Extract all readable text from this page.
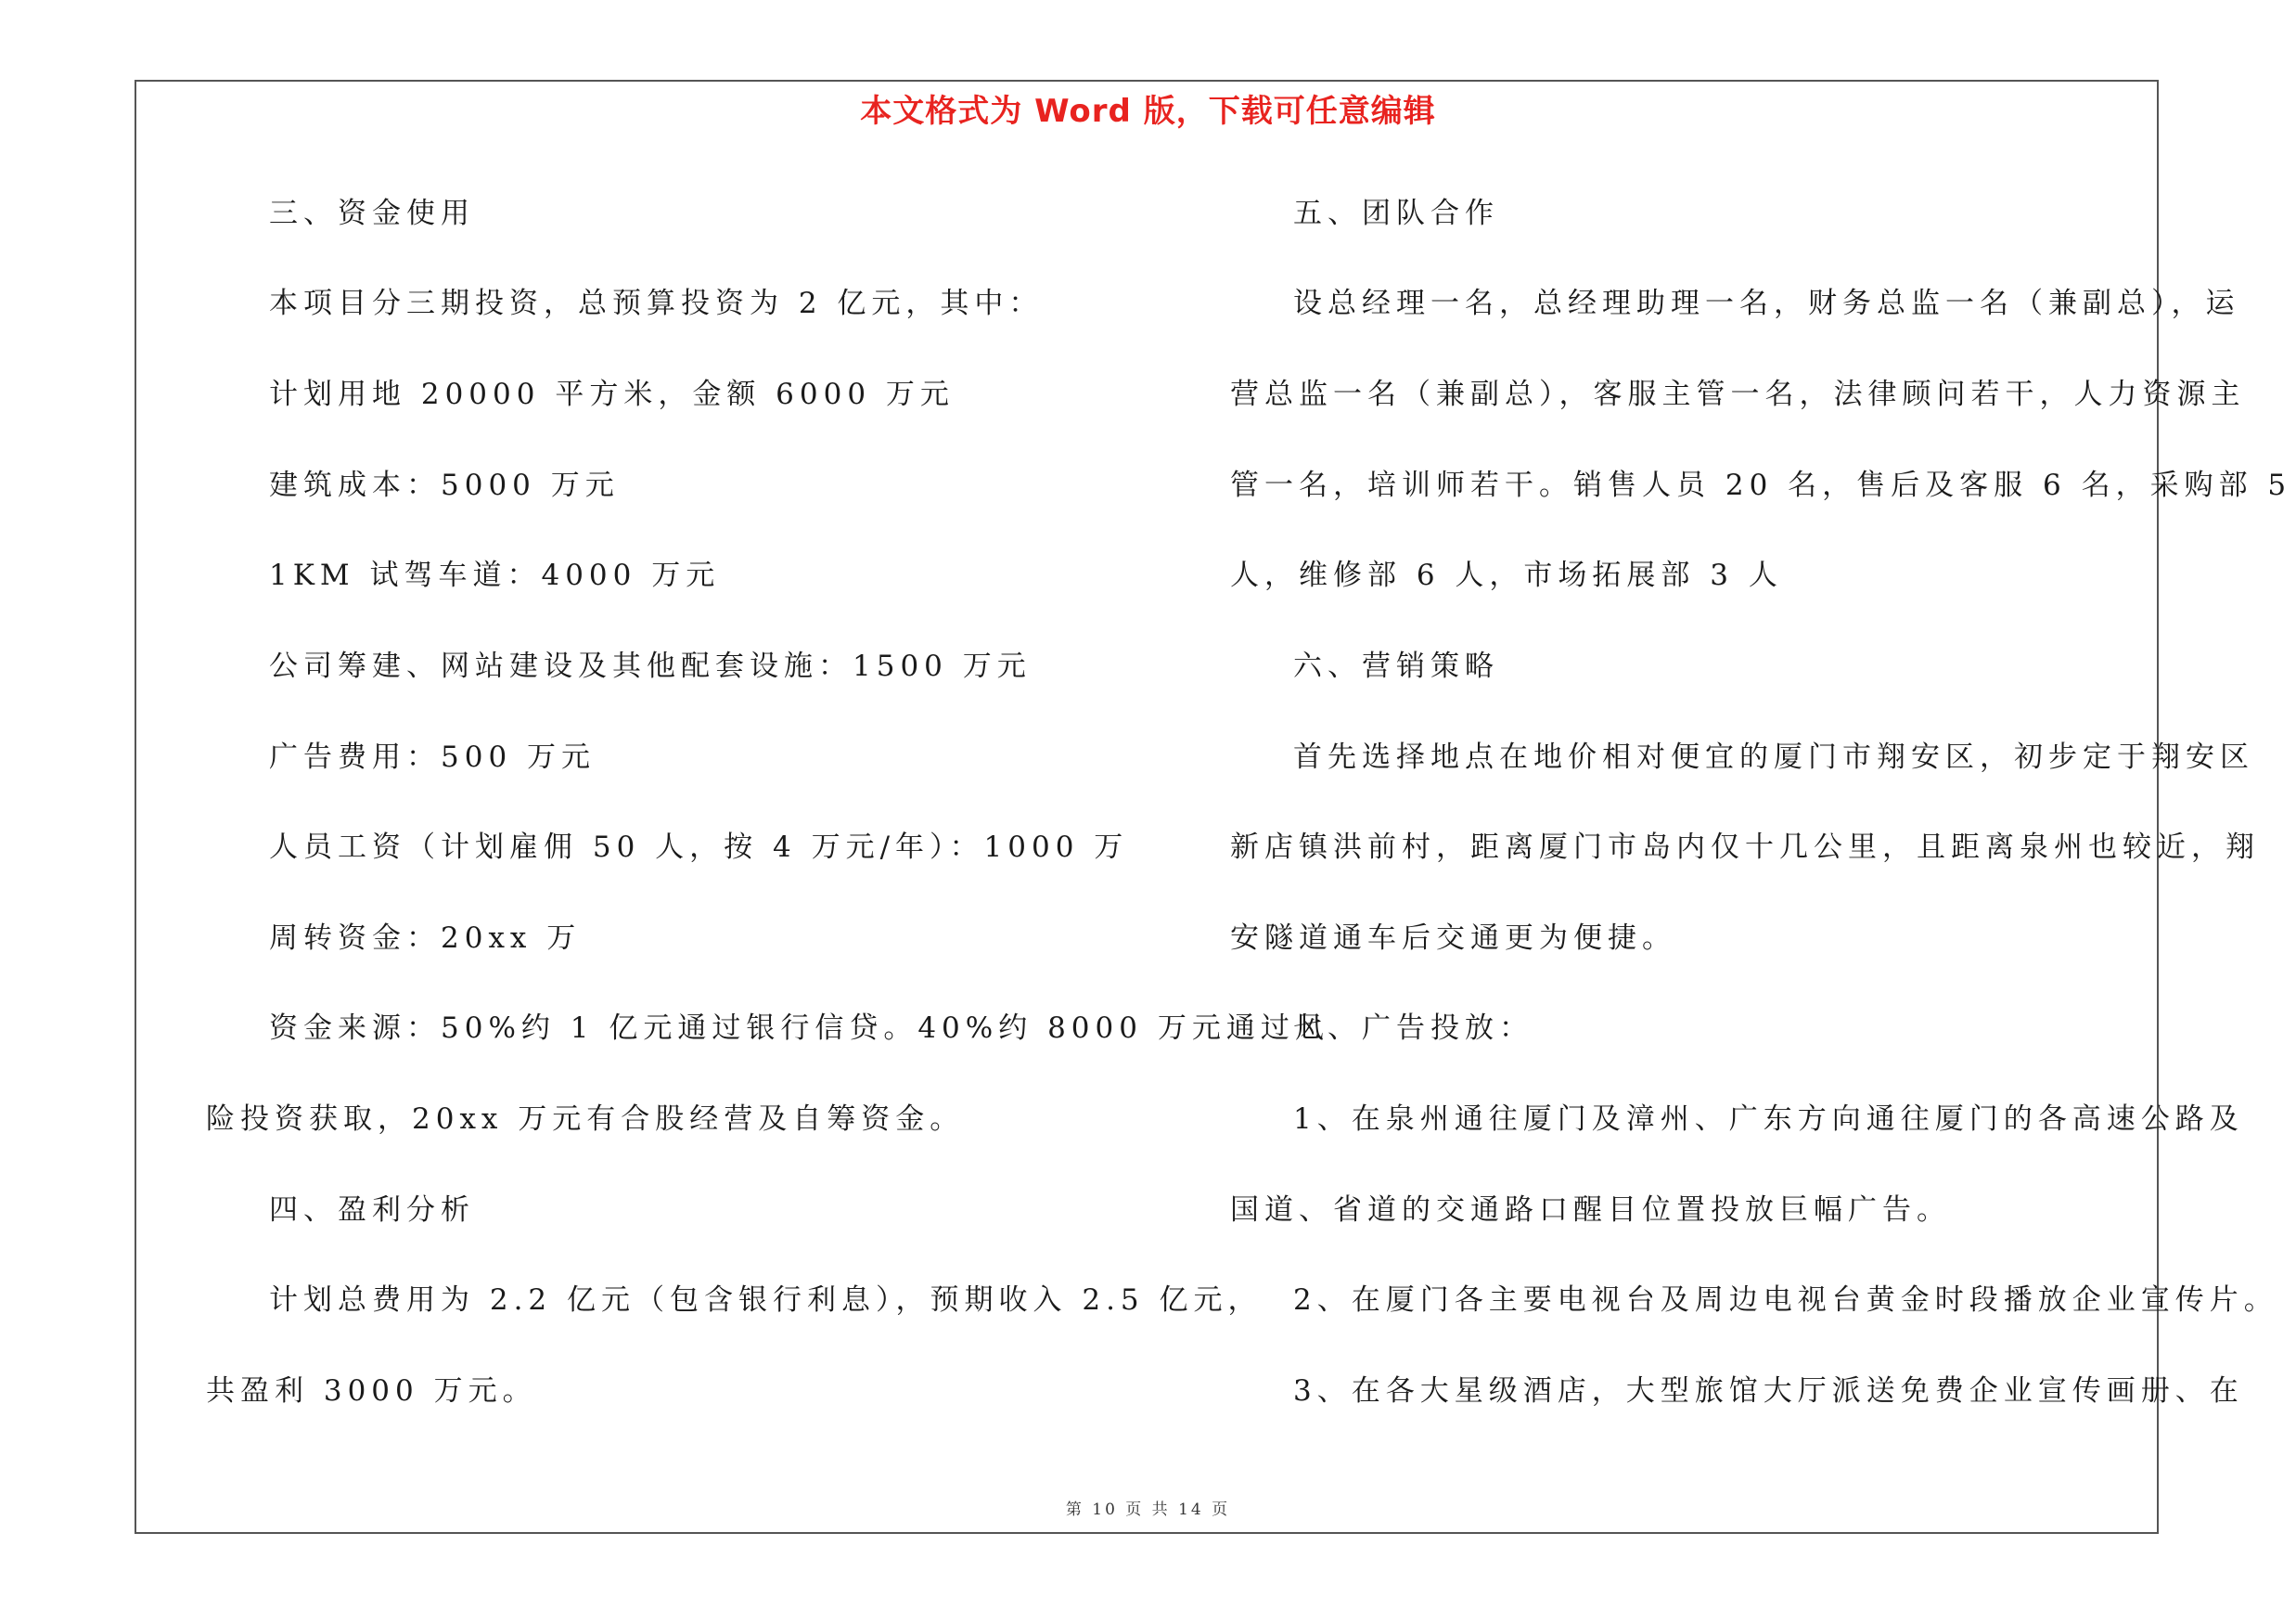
本文格式为 Word 版，下载可任意编辑
三、资金使用
本项目分三期投资，总预算投资为 2 亿元，其中：
计划用地 20000 平方米，金额 6000 万元
建筑成本：5000 万元
1KM 试驾车道：4000 万元
公司筹建、网站建设及其他配套设施：1500 万元
广告费用：500 万元
人员工资（计划雇佣 50 人，按 4 万元/年）：1000 万
周转资金：20xx 万
资金来源：50%约 1 亿元通过银行信贷。40%约 8000 万元通过风
险投资获取，20xx 万元有合股经营及自筹资金。
四、盈利分析
计划总费用为 2.2 亿元（包含银行利息），预期收入 2.5 亿元，
共盈利 3000 万元。
五、团队合作
设总经理一名，总经理助理一名，财务总监一名（兼副总），运
营总监一名（兼副总），客服主管一名，法律顾问若干，人力资源主
管一名，培训师若干。销售人员 20 名，售后及客服 6 名，采购部 5
人，维修部 6 人，市场拓展部 3 人
六、营销策略
首先选择地点在地价相对便宜的厦门市翔安区，初步定于翔安区
新店镇洪前村，距离厦门市岛内仅十几公里，且距离泉州也较近，翔
安隧道通车后交通更为便捷。
七、广告投放：
1、在泉州通往厦门及漳州、广东方向通往厦门的各高速公路及
国道、省道的交通路口醒目位置投放巨幅广告。
2、在厦门各主要电视台及周边电视台黄金时段播放企业宣传片。
3、在各大星级酒店，大型旅馆大厅派送免费企业宣传画册、在
第 10 页 共 14 页
